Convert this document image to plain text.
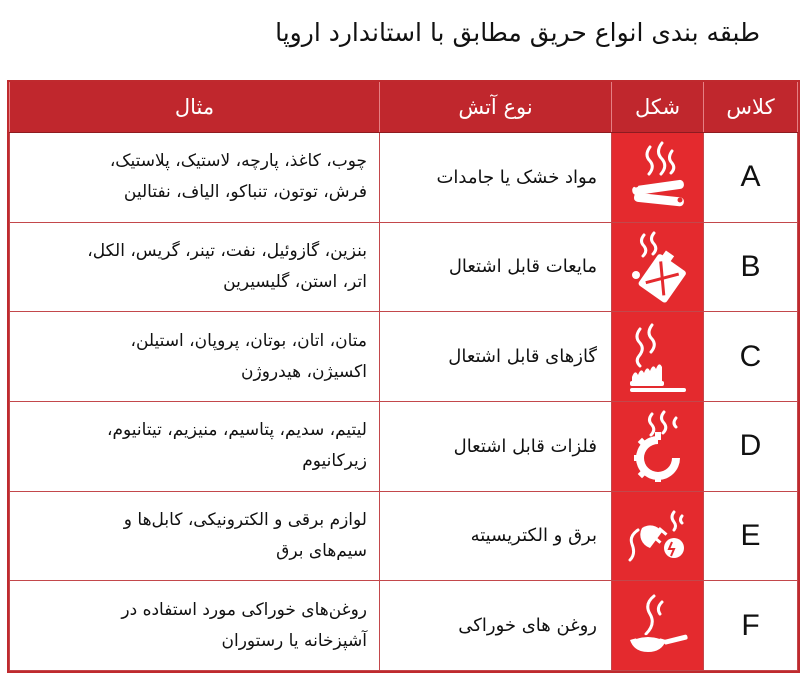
طبقه بندی انواع حریق مطابق با استاندارد اروپا
کلاس	شکل	نوع آتش	مثال
A		مواد خشک یا جامدات	چوب، کاغذ، پارچه، لاستیک، پلاستیک،
فرش، توتون، تنباکو، الیاف، نفتالین

B		مایعات قابل اشتعال	بنزین، گازوئیل، نفت، تینر، گریس، الکل،
اتر، استن، گلیسیرین

C		گازهای قابل اشتعال	متان، اتان، بوتان، پروپان، استیلن،
اکسیژن، هیدروژن

D		فلزات قابل اشتعال	لیتیم، سدیم، پتاسیم، منیزیم، تیتانیوم،
زیرکانیوم

E		برق و الکتریسیته	لوازم برقی و الکترونیکی، کابل‌ها و
سیم‌های برق

F		روغن های خوراکی	روغن‌های خوراکی مورد استفاده در
آشپزخانه یا رستوران
